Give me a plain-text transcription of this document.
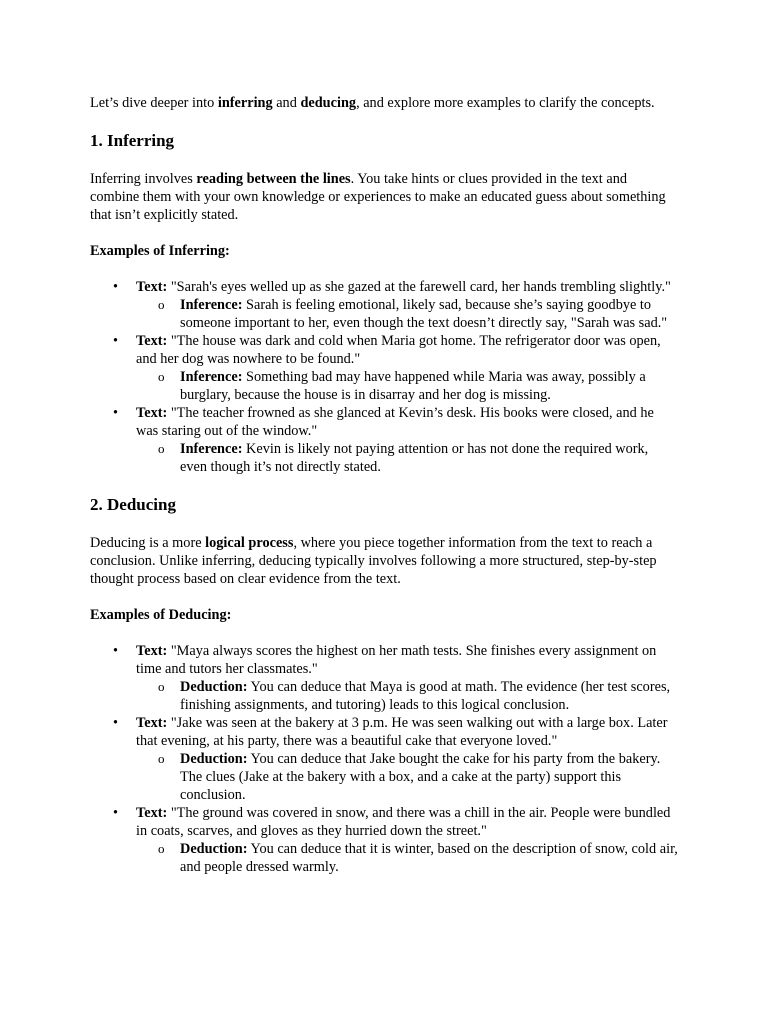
Let’s dive deeper into inferring and deducing, and explore more examples to clarify the concepts.

1. Inferring

Inferring involves reading between the lines. You take hints or clues provided in the text and combine them with your own knowledge or experiences to make an educated guess about something that isn’t explicitly stated.

Examples of Inferring:

• Text: "Sarah's eyes welled up as she gazed at the farewell card, her hands trembling slightly."
o Inference: Sarah is feeling emotional, likely sad, because she’s saying goodbye to someone important to her, even though the text doesn’t directly say, "Sarah was sad."
• Text: "The house was dark and cold when Maria got home. The refrigerator door was open, and her dog was nowhere to be found."
o Inference: Something bad may have happened while Maria was away, possibly a burglary, because the house is in disarray and her dog is missing.
• Text: "The teacher frowned as she glanced at Kevin’s desk. His books were closed, and he was staring out of the window."
o Inference: Kevin is likely not paying attention or has not done the required work, even though it’s not directly stated.
2. Deducing

Deducing is a more logical process, where you piece together information from the text to reach a conclusion. Unlike inferring, deducing typically involves following a more structured, step-by-step thought process based on clear evidence from the text.

Examples of Deducing:

• Text: "Maya always scores the highest on her math tests. She finishes every assignment on time and tutors her classmates."
o Deduction: You can deduce that Maya is good at math. The evidence (her test scores, finishing assignments, and tutoring) leads to this logical conclusion.
• Text: "Jake was seen at the bakery at 3 p.m. He was seen walking out with a large box. Later that evening, at his party, there was a beautiful cake that everyone loved."
o Deduction: You can deduce that Jake bought the cake for his party from the bakery. The clues (Jake at the bakery with a box, and a cake at the party) support this conclusion.
• Text: "The ground was covered in snow, and there was a chill in the air. People were bundled in coats, scarves, and gloves as they hurried down the street."
o Deduction: You can deduce that it is winter, based on the description of snow, cold air, and people dressed warmly.
